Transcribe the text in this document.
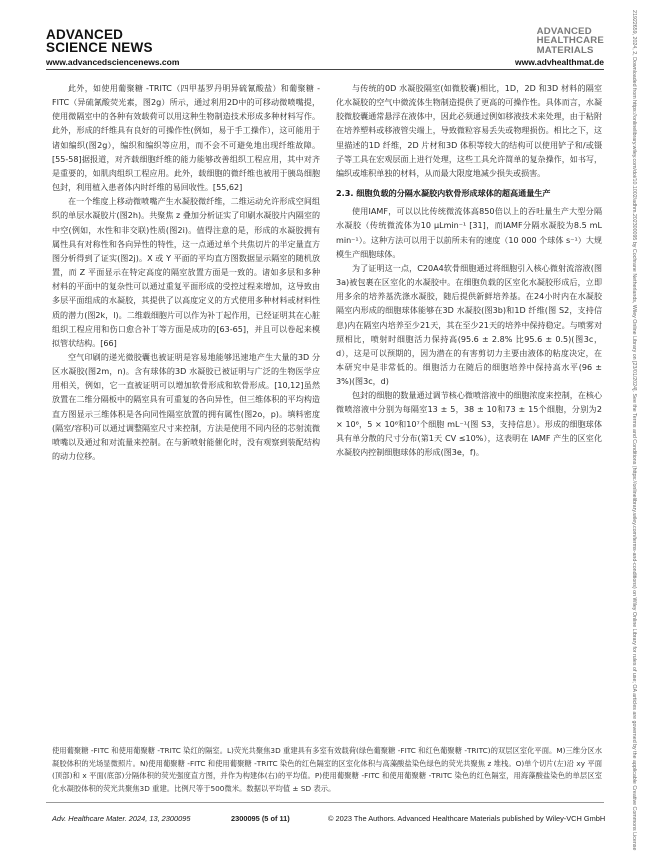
ADVANCED
SCIENCE NEWS
www.advancedsciencenews.com
ADVANCED
HEALTHCARE
MATERIALS
www.advhealthmat.de

此外，如使用葡聚糖 -TRITC（四甲基罗丹明异硫氰酸盐）和葡聚糖 -FITC（异硫氰酸荧光素，图2g）所示，通过利用2D中的可移动微喷嘴提，使用微隔室中的各种有效载荷可以用这种生物制造技术形成多种材料写作。此外，形成的纤维具有良好的可操作性(例如，易于手工操作），这可能用于诸如编织(图2g），编织和编织等应用，而不会不可避免地出现纤维故障。[55-58]据报道，对齐载细胞纤维的能力能够改善组织工程应用，其中对齐是重要的，如肌肉组织工程应用。此外，载细胞的微纤维也被用于胰岛细胞包封，利用植入患者体内时纤维的易回收性。[55,62]

在一个维度上移动微喷嘴产生水凝胶微纤维，二维运动允许形成空间组织的单层水凝胶片(图2h)。共聚焦 z 叠加分析证实了印刷水凝胶片内隔室的中空(例如，水性和非交联)性质(图2i)。值得注意的是，形成的水凝胶拥有属性具有对称性和各向异性的特性，这一点通过单个共焦切片的半定量直方图分析得到了证实(图2j)。X 或 Y 平面的平均直方图数据显示隔室的随机放置，而 Z 平面显示在特定高度的隔室放置方面是一致的。诸如多层和多种材料的平面中的复杂性可以通过重复平面形成的受控过程来增加，这导致由多层平面组成的水凝胶，其提供了以高度定义的方式使用多种材料或材料性质的潜力(图2k，l)。二维载细胞片可以作为补丁起作用，已经证明其在心脏组织工程应用和伤口愈合补丁等方面是成功的[63-65]，并且可以卷起来模拟管状结构。[66]

空气印刷的递光微胶囊也被证明是容易地能够迅速地产生大量的3D 分区水凝胶(图2m，n)。含有球体的3D 水凝胶已被证明与广泛的生物医学应用相关，例如，它一直被证明可以增加软骨形成和软骨形成。[10,12]虽然放置在二维分隔板中的隔室具有可重复的各向异性，但三维体积的平均构造直方图显示三维体积是各向同性隔室放置的拥有属性(图2o，p)。填料密度(隔室/容积)可以通过调整隔室尺寸来控制，方法是使用不同内径的芯射流微喷嘴以及通过和对流量来控制。在与新喷射能催化时，没有观察到装配结构的动力位移。

与传统的0D 水凝胶隔室(如微胶囊)相比，1D，2D 和3D 材料的隔室化水凝胶的空气中微流体生物制造提供了更高的可操作性。具体而言，水凝胶微胶囊通常悬浮在液体中，因此必须通过例如移液技术来处理，由于粘附在培养塑料或移液管尖端上，导致微粒容易丢失或物理损伤。相比之下，这里描述的1D 纤维，2D 片材和3D 体积等较大的结构可以使用铲子和/或镊子等工具在宏观层面上进行处理，这些工具允许简单的复杂操作，如书写，编织或堆积单独的材料，从而最大限度地减少损失或损害。

2.3. 细胞负载的分隔水凝胶内软骨形成球体的超高通量生产

使用IAMF，可以以比传统微流体高850倍以上的吞吐量生产大型分隔水凝胶（传统微流体为10 μLmin⁻¹ [31]，而IAMF分隔水凝胶为8.5 mL min⁻¹）。这种方法可以用于以前所未有的速度（10 000 个球体 s⁻¹）大规模生产细胞球体。

为了证明这一点，C20A4软骨细胞通过将细胞引入核心微射流溶液(图3a)被包裹在区室化的水凝胶中。在细胞负载的区室化水凝胶形成后，立即用多余的培养基洗涤水凝胶，随后提供新鲜培养基。在24小时内在水凝胶隔室内形成的细胞球体能够在3D 水凝胶(图3b)和1D 纤维(图 S2，支持信息)内在隔室内培养至少21天，其在至少21天的培养中保持稳定。与喷雾对照相比，喷射时细胞活力保持高(95.6 ± 2.8% 比95.6 ± 0.5)(图3c，d），这是可以预期的，因为潜在的有害剪切力主要由液体的粘度决定，在本研究中是非常低的。细胞活力在随后的细胞培养中保持高水平(96 ± 3%)(图3c，d)

包封的细胞的数量通过调节核心微喷溶液中的细胞浓度来控制，在核心微喷溶液中分别为每隔室13 ± 5，38 ± 10和73 ± 15个细胞，分别为2 × 10⁶，5 × 10⁶和10⁷个细胞 mL⁻¹(图 S3，支持信息）。形成的细胞球体具有单分散的尺寸分布(第1天 CV ≤10%），这表明在 IAMF 产生的区室化水凝胶内控制细胞球体的形成(图3e，f)。

使用葡聚糖 -FITC 和使用葡聚糖 -TRITC 染红的隔室。L)荧光共聚焦3D 重建具有多室有效载荷(绿色葡聚糖 -FITC 和红色葡聚糖 -TRITC)的双层区室化平面。M)三维分区水凝胶体积的光场显微照片。N)使用葡聚糖 -FITC 和使用葡聚糖 -TRITC 染色的红色隔室的区室化体积与高藻酸盐染色绿色的荧光共聚焦 z 堆栈。O)单个切片(左)沿 xy 平面(顶部)和 x 平面(底部)分隔体积的荧光强度直方图，并作为构建体(右)的平均值。P)使用葡聚糖 -FITC 和使用葡聚糖 -TRITC 染色的红色隔室，用海藻酸盐染色的单层区室化水凝胶体积的荧光共聚焦3D 重建。比例尺等于500微米。数据以平均值 ± SD 表示。
Adv. Healthcare Mater. 2024, 13, 2300095	2300095 (5 of 11)	© 2023 The Authors. Advanced Healthcare Materials published by Wiley-VCH GmbH	21922659, 2024, 2, Downloaded from https://onlinelibrary.wiley.com/doi/10.1002/adhm.202300095 by Cochrane Netherlands, Wiley Online Library on [23/01/2024]. See the Terms and Conditions (https://onlinelibrary.wiley.com/terms-and-conditions) on Wiley Online Library for rules of use; OA articles are governed by the applicable Creative Commons License
